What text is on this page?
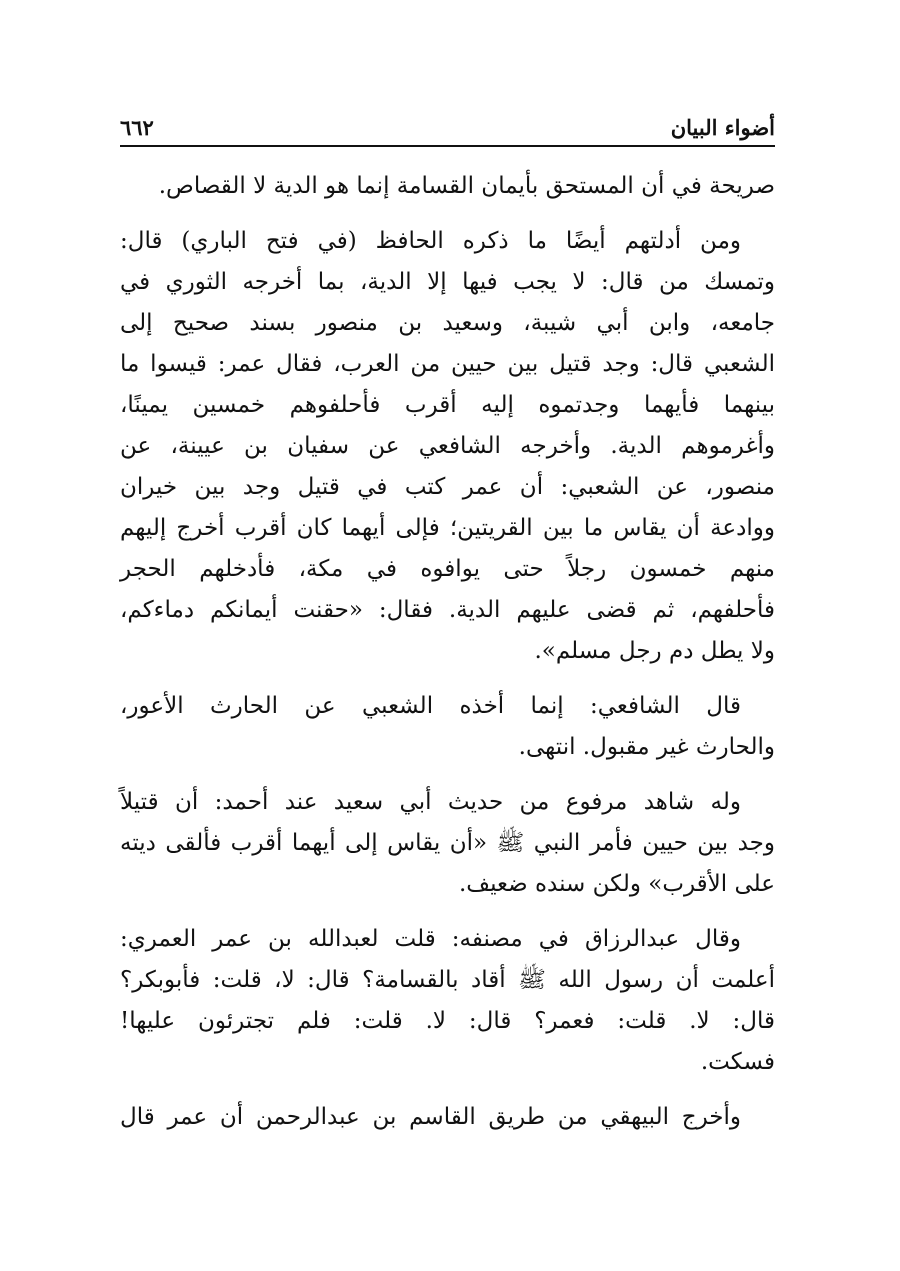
أضواء البيان
٦٦٢

صريحة في أن المستحق بأيمان القسامة إنما هو الدية لا القصاص.

ومن أدلتهم أيضًا ما ذكره الحافظ (في فتح الباري) قال:
وتمسك من قال: لا يجب فيها إلا الدية، بما أخرجه الثوري في
جامعه، وابن أبي شيبة، وسعيد بن منصور بسند صحيح إلى
الشعبي قال: وجد قتيل بين حيين من العرب، فقال عمر: قيسوا ما
بينهما فأيهما وجدتموه إليه أقرب فأحلفوهم خمسين يمينًا،
وأغرموهم الدية. وأخرجه الشافعي عن سفيان بن عيينة، عن
منصور، عن الشعبي: أن عمر كتب في قتيل وجد بين خيران
ووادعة أن يقاس ما بين القريتين؛ فإلى أيهما كان أقرب أخرج إليهم
منهم خمسون رجلاً حتى يوافوه في مكة، فأدخلهم الحجر
فأحلفهم، ثم قضى عليهم الدية. فقال: «حقنت أيمانكم دماءكم،
ولا يطل دم رجل مسلم».

قال الشافعي: إنما أخذه الشعبي عن الحارث الأعور،
والحارث غير مقبول. انتهى.

وله شاهد مرفوع من حديث أبي سعيد عند أحمد: أن قتيلاً
وجد بين حيين فأمر النبي ﷺ «أن يقاس إلى أيهما أقرب فألقى ديته
على الأقرب» ولكن سنده ضعيف.

وقال عبدالرزاق في مصنفه: قلت لعبدالله بن عمر العمري:
أعلمت أن رسول الله ﷺ أقاد بالقسامة؟ قال: لا، قلت: فأبوبكر؟
قال: لا. قلت: فعمر؟ قال: لا. قلت: فلم تجترئون عليها!
فسكت.

وأخرج البيهقي من طريق القاسم بن عبدالرحمن أن عمر قال
